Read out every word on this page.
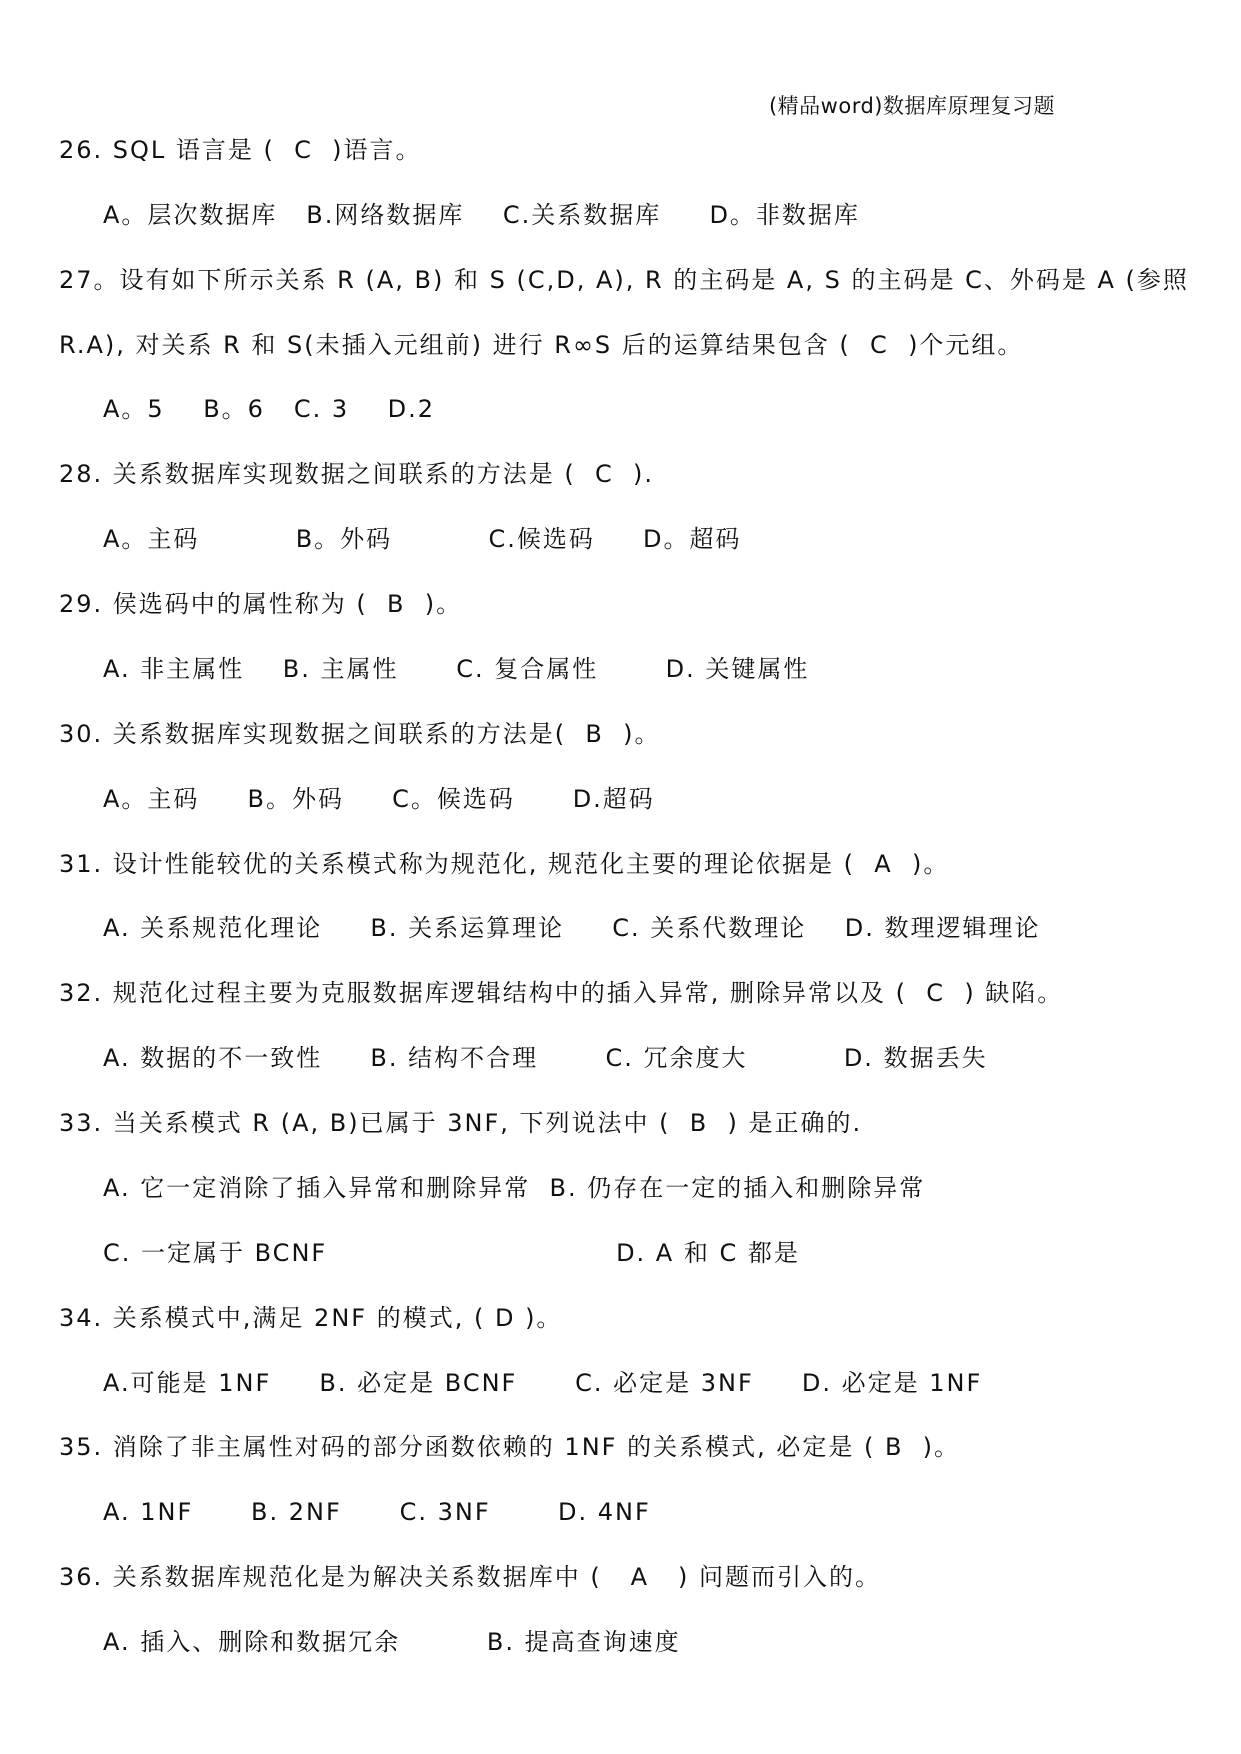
(精品word)数据库原理复习题
26. SQL 语言是 (  C  )语言。
A。层次数据库   B.网络数据库    C.关系数据库     D。非数据库
27。设有如下所示关系 R (A, B) 和 S (C,D, A), R 的主码是 A, S 的主码是 C、外码是 A (参照
R.A), 对关系 R 和 S(未插入元组前) 进行 R∞S 后的运算结果包含 (  C  )个元组。
A。5    B。6   C. 3    D.2
28. 关系数据库实现数据之间联系的方法是 (  C  ).
A。主码          B。外码          C.候选码     D。超码
29. 侯选码中的属性称为 (  B  )。
A. 非主属性    B. 主属性      C. 复合属性       D. 关键属性
30. 关系数据库实现数据之间联系的方法是(  B  )。
A。主码     B。外码     C。候选码      D.超码
31. 设计性能较优的关系模式称为规范化, 规范化主要的理论依据是 (  A  )。
A. 关系规范化理论     B. 关系运算理论     C. 关系代数理论    D. 数理逻辑理论
32. 规范化过程主要为克服数据库逻辑结构中的插入异常, 删除异常以及 (  C  ) 缺陷。
A. 数据的不一致性     B. 结构不合理       C. 冗余度大          D. 数据丢失
33. 当关系模式 R (A, B)已属于 3NF, 下列说法中 (  B  ) 是正确的.
A. 它一定消除了插入异常和删除异常  B. 仍存在一定的插入和删除异常
C. 一定属于 BCNF                              D. A 和 C 都是
34. 关系模式中,满足 2NF 的模式, ( D )。
A.可能是 1NF     B. 必定是 BCNF      C. 必定是 3NF     D. 必定是 1NF
35. 消除了非主属性对码的部分函数依赖的 1NF 的关系模式, 必定是 ( B  )。
A. 1NF      B. 2NF      C. 3NF       D. 4NF
36. 关系数据库规范化是为解决关系数据库中 (   A   ) 问题而引入的。
A. 插入、删除和数据冗余         B. 提高查询速度
